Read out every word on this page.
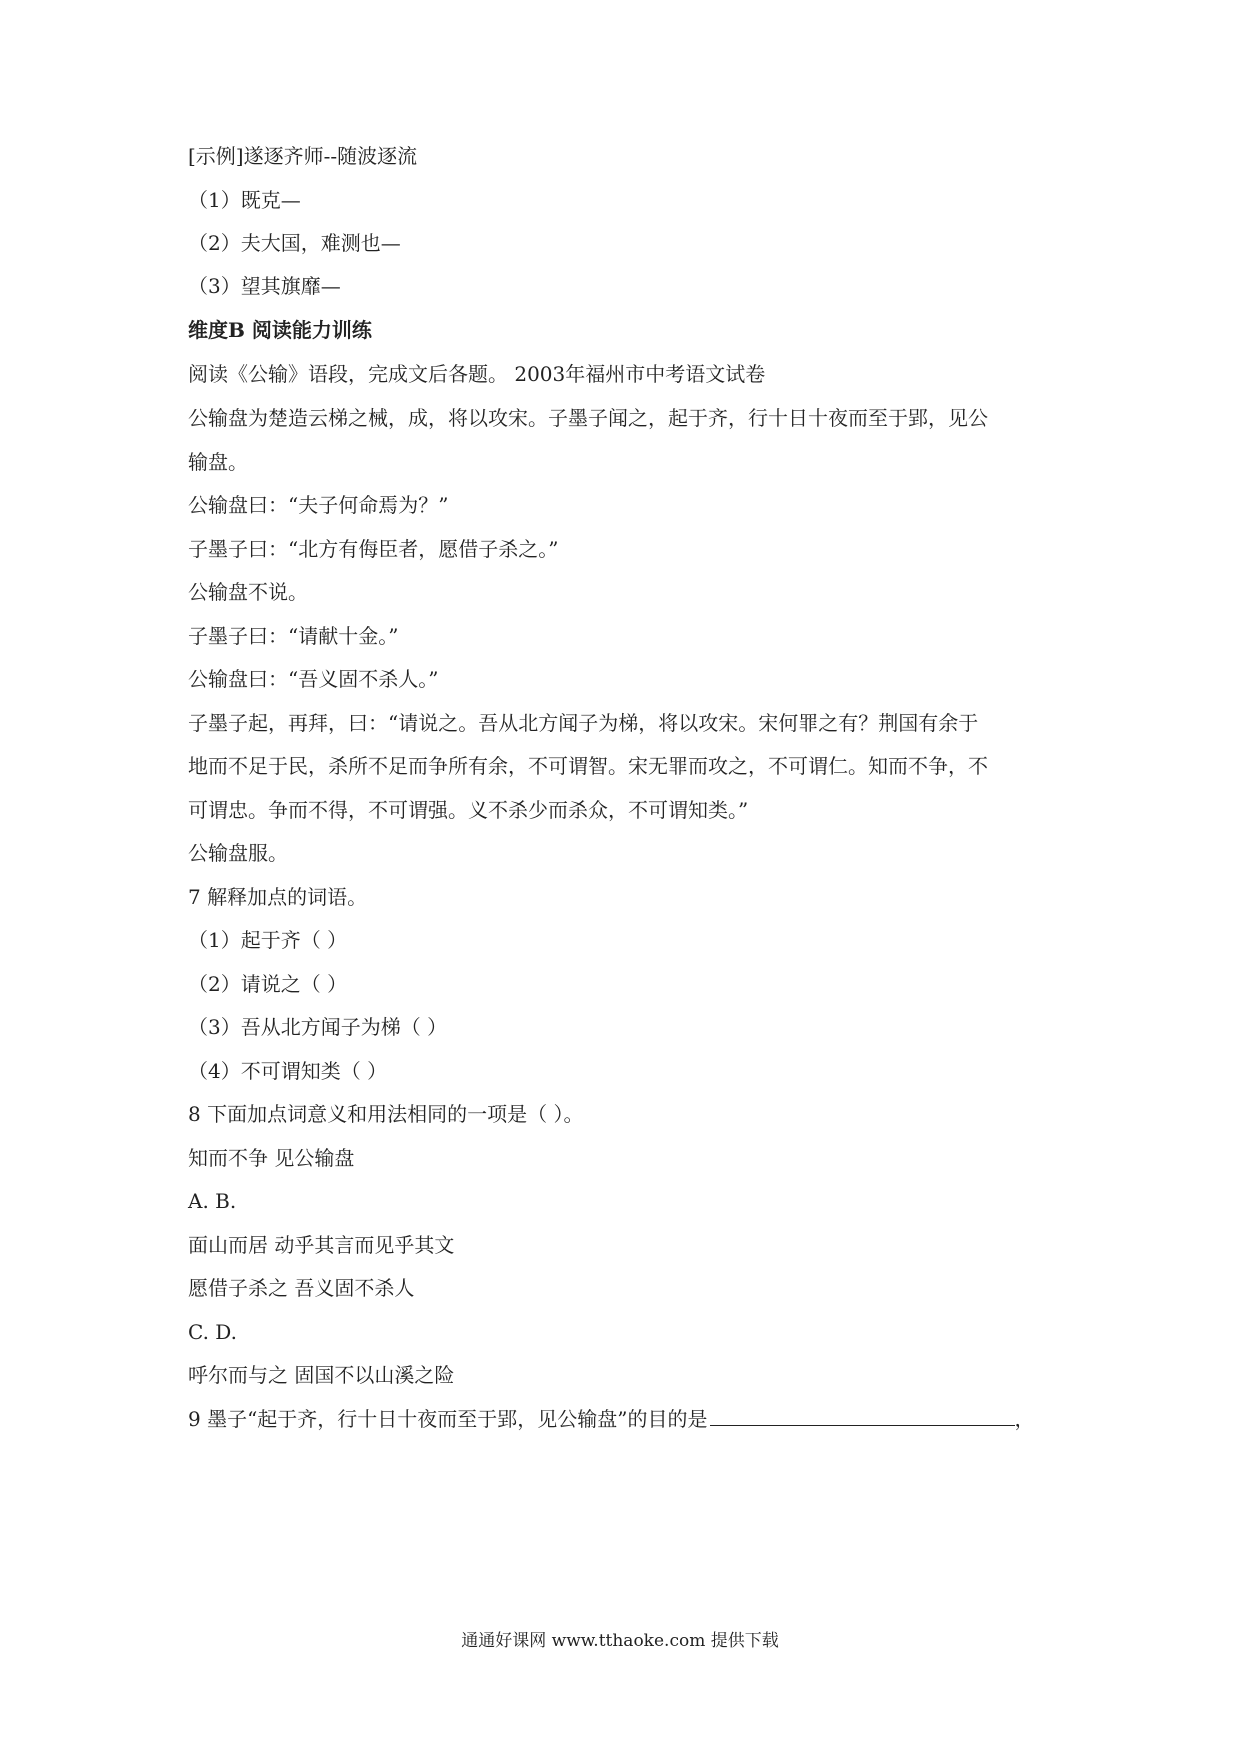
[示例]遂逐齐师--随波逐流
（1）既克—
（2）夫大国，难测也—
（3）望其旗靡—
维度B 阅读能力训练
阅读《公输》语段，完成文后各题。 2003年福州市中考语文试卷
公输盘为楚造云梯之械，成，将以攻宋。子墨子闻之，起于齐，行十日十夜而至于郢，见公
输盘。
公输盘曰：“夫子何命焉为？”
子墨子曰：“北方有侮臣者，愿借子杀之。”
公输盘不说。
子墨子曰：“请献十金。”
公输盘曰：“吾义固不杀人。”
子墨子起，再拜，曰：“请说之。吾从北方闻子为梯，将以攻宋。宋何罪之有？荆国有余于
地而不足于民，杀所不足而争所有余，不可谓智。宋无罪而攻之，不可谓仁。知而不争，不
可谓忠。争而不得，不可谓强。义不杀少而杀众，不可谓知类。”
公输盘服。
7 解释加点的词语。
（1）起于齐（ ）
（2）请说之（ ）
（3）吾从北方闻子为梯（ ）
（4）不可谓知类（ ）
8 下面加点词意义和用法相同的一项是（ ）。
知而不争 见公输盘
A. B.
面山而居 动乎其言而见乎其文
愿借子杀之 吾义固不杀人
C. D.
呼尔而与之 固国不以山溪之险
9 墨子“起于齐，行十日十夜而至于郢，见公输盘”的目的是	，
通通好课网 www.tthaoke.com 提供下载
